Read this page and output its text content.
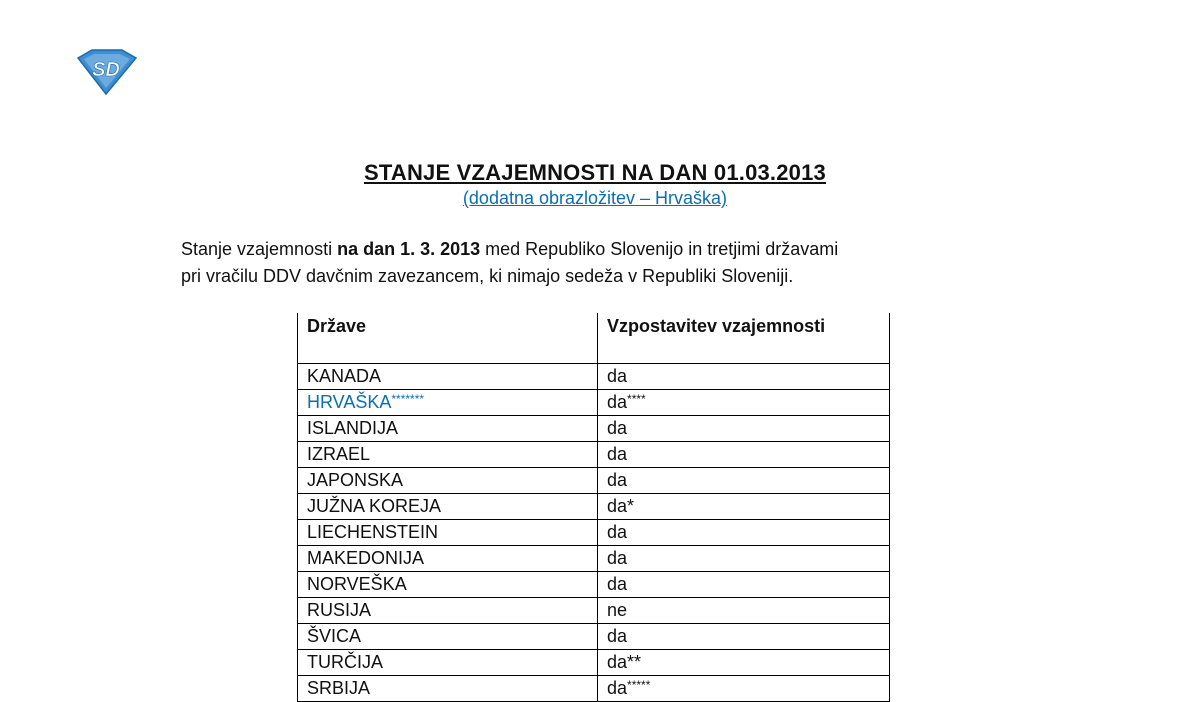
SD
STANJE VZAJEMNOSTI NA DAN 01.03.2013
(dodatna obrazložitev – Hrvaška)

Stanje vzajemnosti na dan 1. 3. 2013 med Republiko Slovenijo in tretjimi državami

pri vračilu DDV davčnim zavezancem, ki nimajo sedeža v Republiki Sloveniji.

Države	Vzpostavitev vzajemnosti
KANADA	da
HRVAŠKA*******	da****
ISLANDIJA	da
IZRAEL	da
JAPONSKA	da
JUŽNA KOREJA	da*
LIECHENSTEIN	da
MAKEDONIJA	da
NORVEŠKA	da
RUSIJA	ne
ŠVICA	da
TURČIJA	da**
SRBIJA	da*****
